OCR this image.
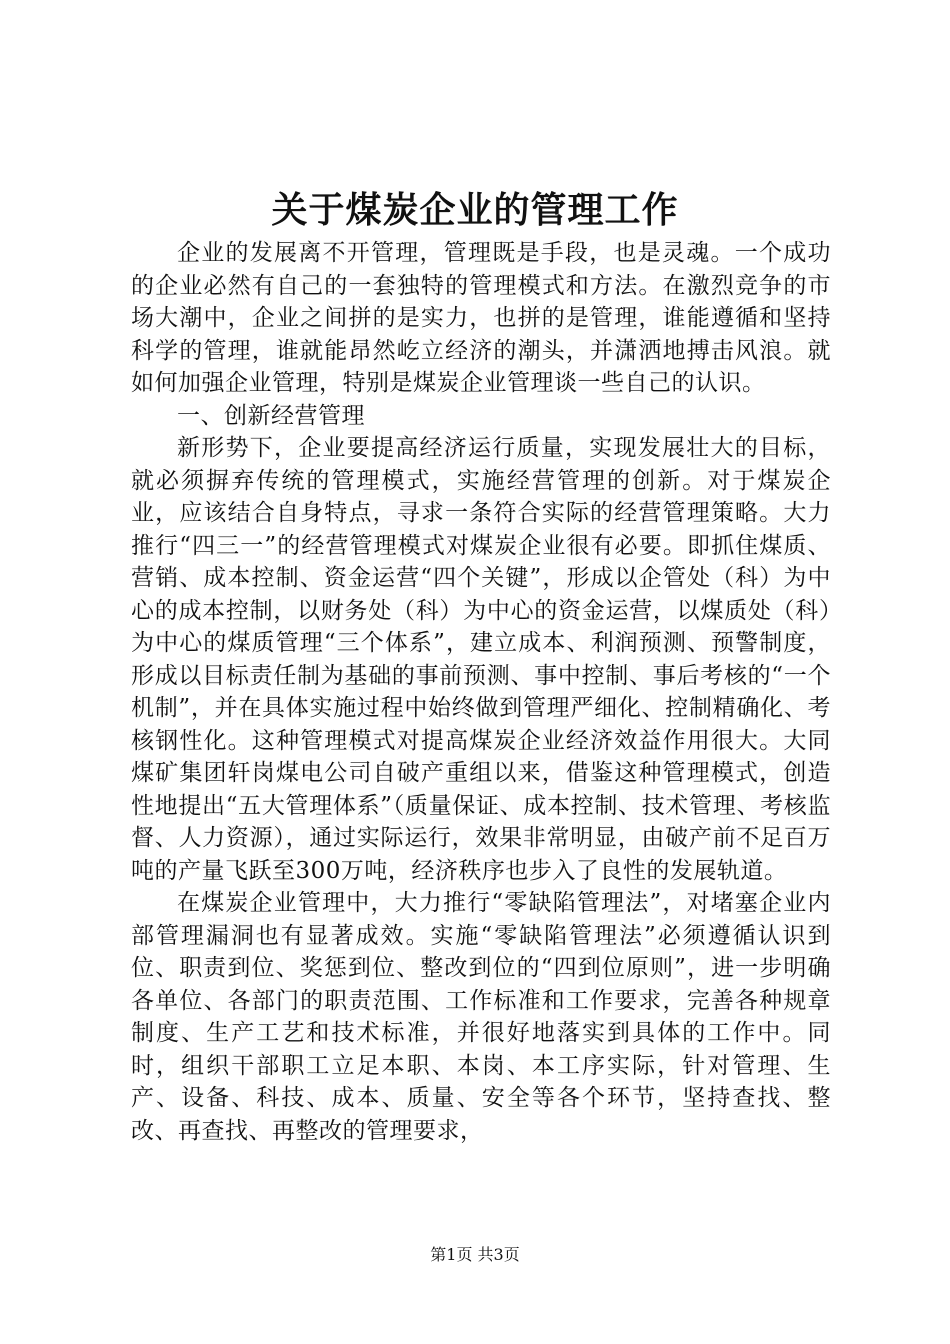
关于煤炭企业的管理工作

企业的发展离不开管理，管理既是手段，也是灵魂。一个成功的企业必然有自己的一套独特的管理模式和方法。在激烈竞争的市场大潮中，企业之间拼的是实力，也拼的是管理，谁能遵循和坚持科学的管理，谁就能昂然屹立经济的潮头，并潇洒地搏击风浪。就如何加强企业管理，特别是煤炭企业管理谈一些自己的认识。

一、创新经营管理

新形势下，企业要提高经济运行质量，实现发展壮大的目标，就必须摒弃传统的管理模式，实施经营管理的创新。对于煤炭企业，应该结合自身特点，寻求一条符合实际的经营管理策略。大力推行“四三一”的经营管理模式对煤炭企业很有必要。即抓住煤质、营销、成本控制、资金运营“四个关键”，形成以企管处（科）为中心的成本控制，以财务处（科）为中心的资金运营，以煤质处（科）为中心的煤质管理“三个体系”，建立成本、利润预测、预警制度，形成以目标责任制为基础的事前预测、事中控制、事后考核的“一个机制”，并在具体实施过程中始终做到管理严细化、控制精确化、考核钢性化。这种管理模式对提高煤炭企业经济效益作用很大。大同煤矿集团轩岗煤电公司自破产重组以来，借鉴这种管理模式，创造性地提出“五大管理体系”（质量保证、成本控制、技术管理、考核监督、人力资源），通过实际运行，效果非常明显，由破产前不足百万吨的产量飞跃至300万吨，经济秩序也步入了良性的发展轨道。

在煤炭企业管理中，大力推行“零缺陷管理法”，对堵塞企业内部管理漏洞也有显著成效。实施“零缺陷管理法”必须遵循认识到位、职责到位、奖惩到位、整改到位的“四到位原则”，进一步明确各单位、各部门的职责范围、工作标准和工作要求，完善各种规章制度、生产工艺和技术标准，并很好地落实到具体的工作中。同时，组织干部职工立足本职、本岗、本工序实际，针对管理、生产、设备、科技、成本、质量、安全等各个环节，坚持查找、整改、再查找、再整改的管理要求，

第1页 共3页
